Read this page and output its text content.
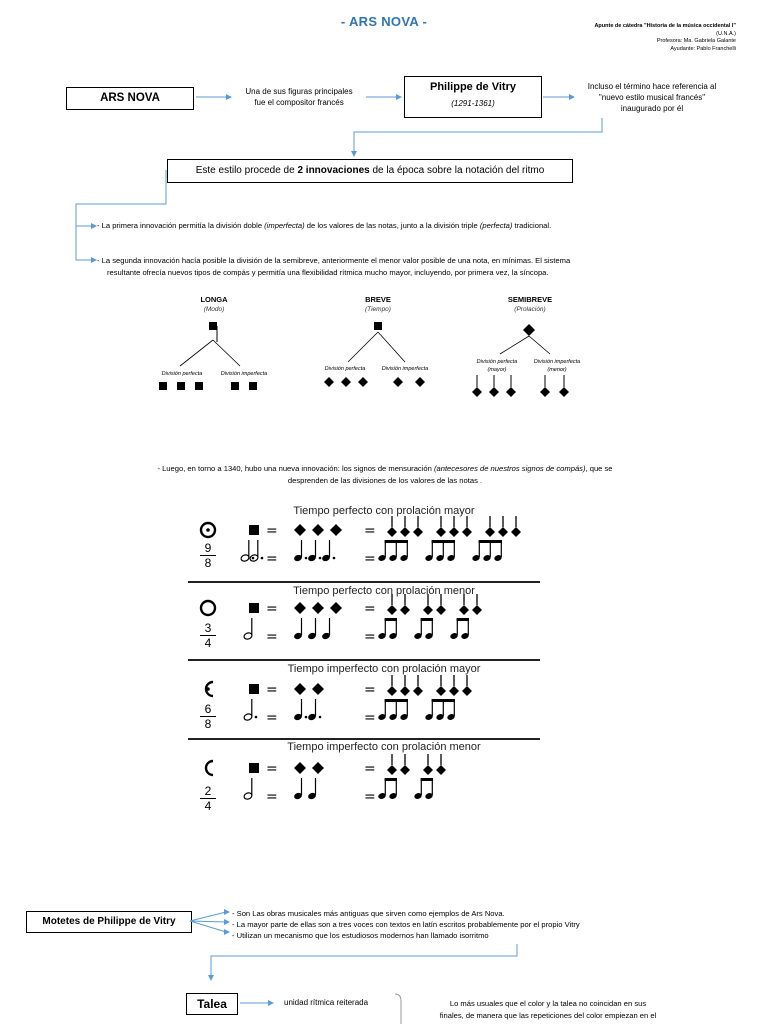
- ARS NOVA -	Apunte de cátedra "Historia de la música occidental I"
(U.N.A.)
Profesora: Ma. Gabriela Galante
Ayudante: Pablo Franchelli
ARS NOVA
Una de sus figuras principales
fue el compositor francés
Philippe de Vitry
(1291-1361)
Incluso el término hace referencia al
"nuevo estilo musical francés"
inaugurado por él
Este estilo procede de 2 innovaciones de la época sobre la notación del ritmo
- La primera innovación permitía la división doble (imperfecta) de los valores de las notas, junto a la división triple (perfecta) tradicional.
- La segunda innovación hacía posible la división de la semibreve, anteriormente el menor valor posible de una nota, en mínimas. El sistema
resultante ofrecía nuevos tipos de compás y permitía una flexibilidad rítmica mucho mayor, incluyendo, por primera vez, la síncopa.
LONGA
(Modo)
BREVE
(Tiempo)
SEMIBREVE
(Prolación)
División perfecta	División imperfecta
División perfecta	División imperfecta
División perfecta
(mayor)
División imperfecta
(menor)
- Luego, en torno a 1340, hubo una nueva innovación: los signos de mensuración (antecesores de nuestros signos de compás), que se
desprenden de las divisiones de los valores de las notas .
Tiempo perfecto con prolación mayor
Tiempo perfecto con prolación menor
Tiempo imperfecto con prolación mayor
Tiempo imperfecto con prolación menor
9
8
3
4
6
8
2
4
=	=
=	=
=	=
=	=
=	=
=	=
=	=
=	=
Motetes de Philippe de Vitry
- Son Las obras musicales más antiguas que sirven como ejemplos de Ars Nova.
- La mayor parte de ellas son a tres voces con textos en latín escritos probablemente por el propio Vitry
- Utilizan un mecanismo que los estudiosos modernos han llamado isorritmo
Talea	unidad rítmica reiterada	Lo más usuales que el color y la talea no coincidan en sus
finales, de manera que las repeticiones del color empiezan en el
